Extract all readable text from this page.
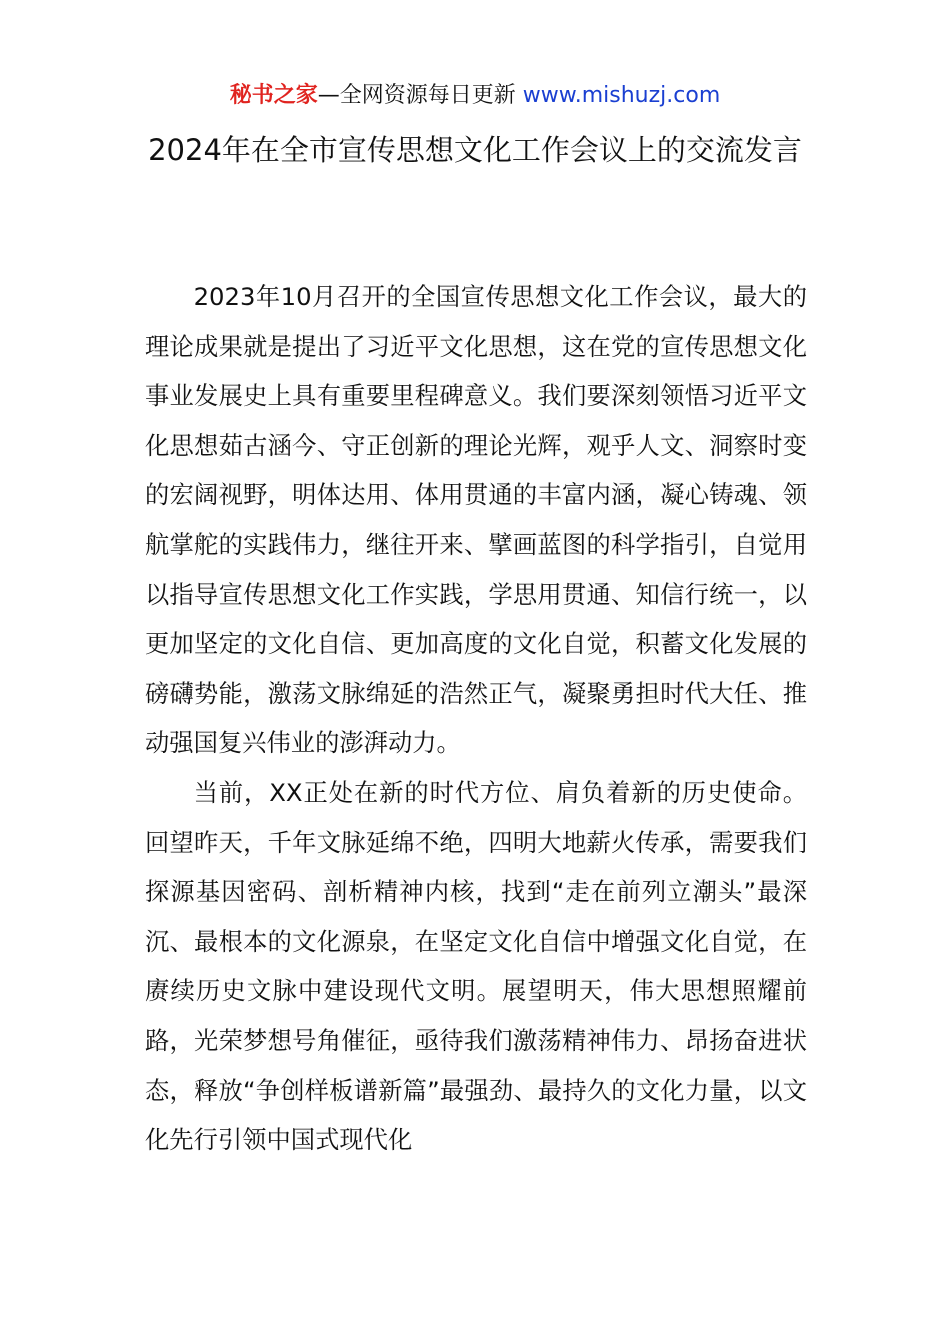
秘书之家—全网资源每日更新 www.mishuzj.com
2024年在全市宣传思想文化工作会议上的交流发言

2023年10月召开的全国宣传思想文化工作会议，最大的理论成果就是提出了习近平文化思想，这在党的宣传思想文化事业发展史上具有重要里程碑意义。我们要深刻领悟习近平文化思想茹古涵今、守正创新的理论光辉，观乎人文、洞察时变的宏阔视野，明体达用、体用贯通的丰富内涵，凝心铸魂、领航掌舵的实践伟力，继往开来、擘画蓝图的科学指引，自觉用以指导宣传思想文化工作实践，学思用贯通、知信行统一，以更加坚定的文化自信、更加高度的文化自觉，积蓄文化发展的磅礴势能，激荡文脉绵延的浩然正气，凝聚勇担时代大任、推动强国复兴伟业的澎湃动力。

当前，XX正处在新的时代方位、肩负着新的历史使命。回望昨天，千年文脉延绵不绝，四明大地薪火传承，需要我们探源基因密码、剖析精神内核，找到“走在前列立潮头”最深沉、最根本的文化源泉，在坚定文化自信中增强文化自觉，在赓续历史文脉中建设现代文明。展望明天，伟大思想照耀前路，光荣梦想号角催征，亟待我们激荡精神伟力、昂扬奋进状态，释放“争创样板谱新篇”最强劲、最持久的文化力量，以文化先行引领中国式现代化
